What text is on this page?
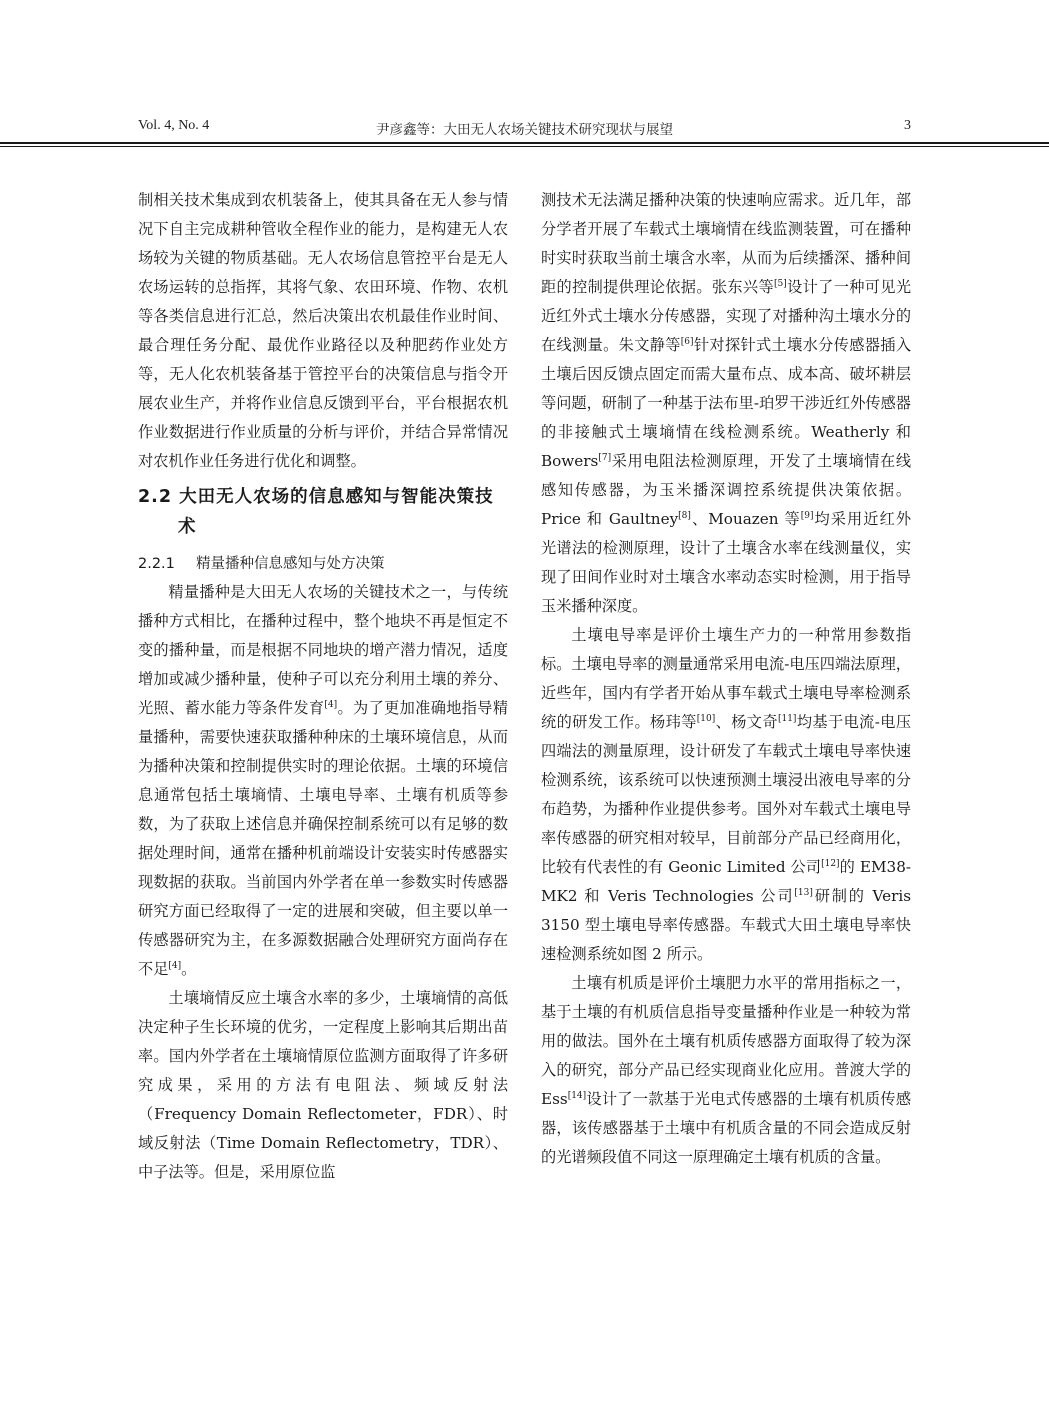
Vol. 4, No. 4	尹彦鑫等：大田无人农场关键技术研究现状与展望	3

制相关技术集成到农机装备上，使其具备在无人参与情况下自主完成耕种管收全程作业的能力，是构建无人农场较为关键的物质基础。无人农场信息管控平台是无人农场运转的总指挥，其将气象、农田环境、作物、农机等各类信息进行汇总，然后决策出农机最佳作业时间、最合理任务分配、最优作业路径以及种肥药作业处方等，无人化农机装备基于管控平台的决策信息与指令开展农业生产，并将作业信息反馈到平台，平台根据农机作业数据进行作业质量的分析与评价，并结合异常情况对农机作业任务进行优化和调整。

2.2 大田无人农场的信息感知与智能决策技术
2.2.1 精量播种信息感知与处方决策

精量播种是大田无人农场的关键技术之一，与传统播种方式相比，在播种过程中，整个地块不再是恒定不变的播种量，而是根据不同地块的增产潜力情况，适度增加或减少播种量，使种子可以充分利用土壤的养分、光照、蓄水能力等条件发育[4]。为了更加准确地指导精量播种，需要快速获取播种种床的土壤环境信息，从而为播种决策和控制提供实时的理论依据。土壤的环境信息通常包括土壤墒情、土壤电导率、土壤有机质等参数，为了获取上述信息并确保控制系统可以有足够的数据处理时间，通常在播种机前端设计安装实时传感器实现数据的获取。当前国内外学者在单一参数实时传感器研究方面已经取得了一定的进展和突破，但主要以单一传感器研究为主，在多源数据融合处理研究方面尚存在不足[4]。

土壤墒情反应土壤含水率的多少，土壤墒情的高低决定种子生长环境的优劣，一定程度上影响其后期出苗率。国内外学者在土壤墒情原位监测方面取得了许多研究成果，采用的方法有电阻法、频域反射法（Frequency Domain Reflectometer，FDR）、时域反射法（Time Domain Reflectometry，TDR）、中子法等。但是，采用原位监

测技术无法满足播种决策的快速响应需求。近几年，部分学者开展了车载式土壤墒情在线监测装置，可在播种时实时获取当前土壤含水率，从而为后续播深、播种间距的控制提供理论依据。张东兴等[5]设计了一种可见光近红外式土壤水分传感器，实现了对播种沟土壤水分的在线测量。朱文静等[6]针对探针式土壤水分传感器插入土壤后因反馈点固定而需大量布点、成本高、破坏耕层等问题，研制了一种基于法布里-珀罗干涉近红外传感器的非接触式土壤墒情在线检测系统。Weatherly 和 Bowers[7]采用电阻法检测原理，开发了土壤墒情在线感知传感器，为玉米播深调控系统提供决策依据。Price 和 Gaultney[8]、Mouazen 等[9]均采用近红外光谱法的检测原理，设计了土壤含水率在线测量仪，实现了田间作业时对土壤含水率动态实时检测，用于指导玉米播种深度。

土壤电导率是评价土壤生产力的一种常用参数指标。土壤电导率的测量通常采用电流-电压四端法原理，近些年，国内有学者开始从事车载式土壤电导率检测系统的研发工作。杨玮等[10]、杨文奇[11]均基于电流-电压四端法的测量原理，设计研发了车载式土壤电导率快速检测系统，该系统可以快速预测土壤浸出液电导率的分布趋势，为播种作业提供参考。国外对车载式土壤电导率传感器的研究相对较早，目前部分产品已经商用化，比较有代表性的有 Geonic Limited 公司[12]的 EM38-MK2 和 Veris Technologies 公司[13]研制的 Veris 3150 型土壤电导率传感器。车载式大田土壤电导率快速检测系统如图 2 所示。

土壤有机质是评价土壤肥力水平的常用指标之一，基于土壤的有机质信息指导变量播种作业是一种较为常用的做法。国外在土壤有机质传感器方面取得了较为深入的研究，部分产品已经实现商业化应用。普渡大学的 Ess[14]设计了一款基于光电式传感器的土壤有机质传感器，该传感器基于土壤中有机质含量的不同会造成反射的光谱频段值不同这一原理确定土壤有机质的含量。
